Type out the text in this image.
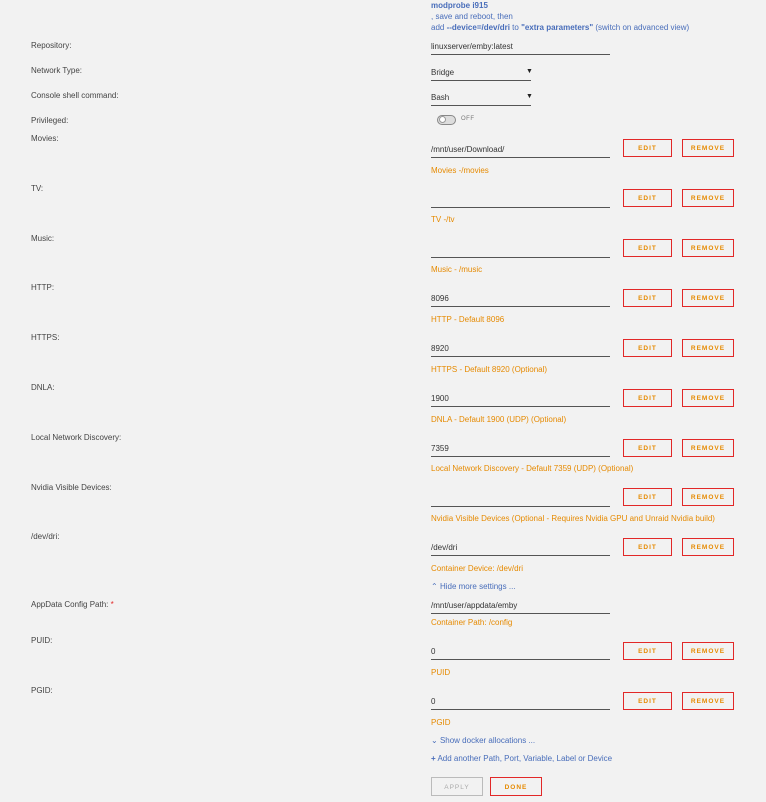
modprobe i915
, save and reboot, then
add --device=/dev/dri to "extra parameters" (switch on advanced view)
Repository:	linuxserver/emby:latest
Network Type:	Bridge	▼
Console shell command:	Bash	▼
Privileged:	OFF
Movies:
/mnt/user/Download/	EDIT	REMOVE
Movies -/movies
TV:
EDIT	REMOVE
TV -/tv
Music:
EDIT	REMOVE
Music - /music
HTTP:
8096	EDIT	REMOVE
HTTP - Default 8096
HTTPS:
8920	EDIT	REMOVE
HTTPS - Default 8920 (Optional)
DNLA:
1900	EDIT	REMOVE
DNLA - Default 1900 (UDP) (Optional)
Local Network Discovery:
7359	EDIT	REMOVE
Local Network Discovery - Default 7359 (UDP) (Optional)
Nvidia Visible Devices:
EDIT	REMOVE
Nvidia Visible Devices (Optional - Requires Nvidia GPU and Unraid Nvidia build)
/dev/dri:
/dev/dri	EDIT	REMOVE
Container Device: /dev/dri
⌃ Hide more settings ...
AppData Config Path: *	/mnt/user/appdata/emby
Container Path: /config
PUID:
0	EDIT	REMOVE
PUID
PGID:
0	EDIT	REMOVE
PGID
⌄ Show docker allocations ...
+ Add another Path, Port, Variable, Label or Device
APPLY	DONE
